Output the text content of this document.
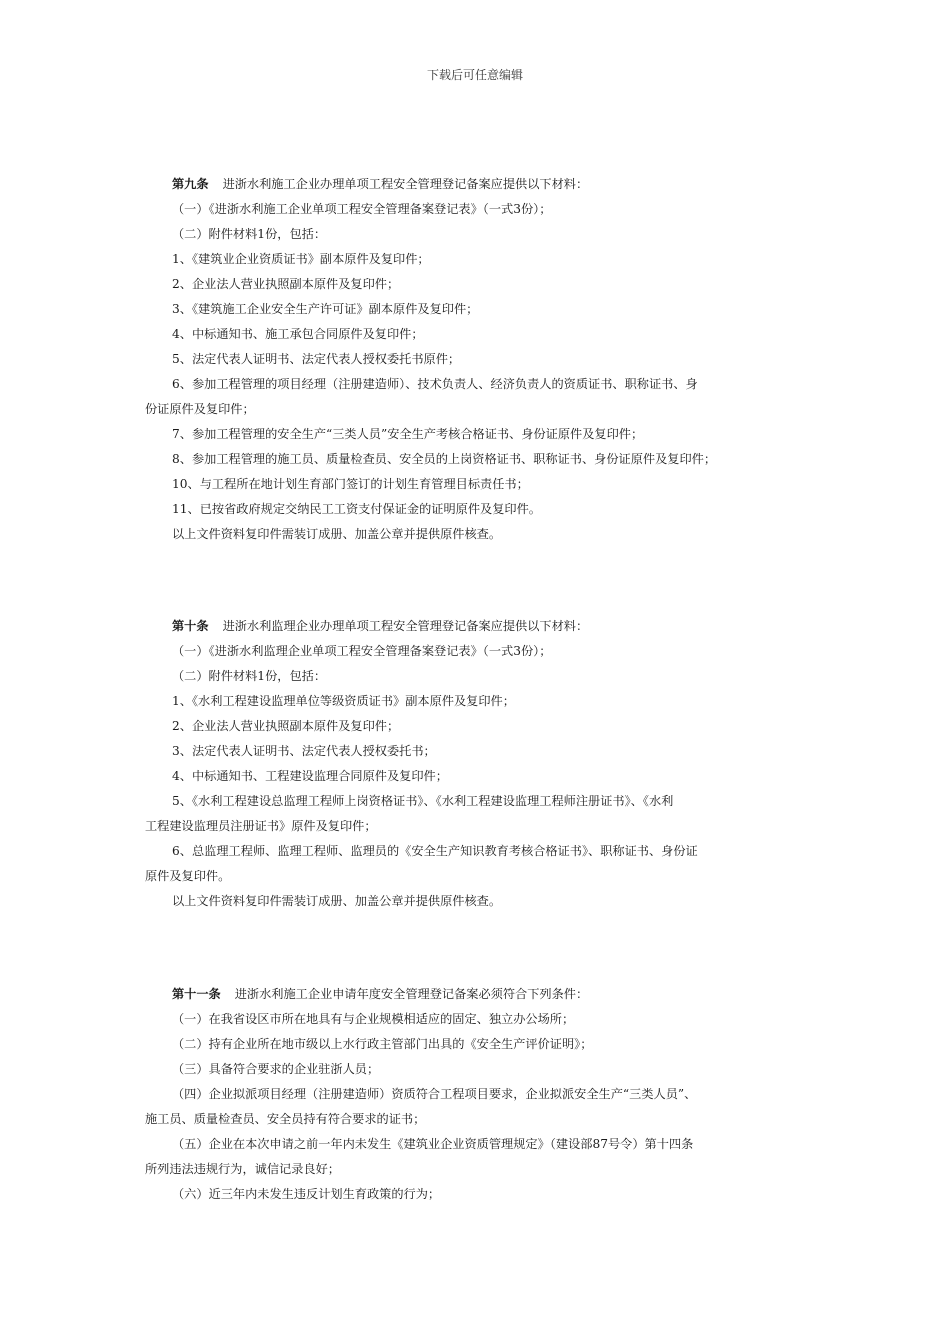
下载后可任意编辑
第九条 进浙水利施工企业办理单项工程安全管理登记备案应提供以下材料：
（一）《进浙水利施工企业单项工程安全管理备案登记表》（一式3份）；
（二）附件材料1份，包括：
1、《建筑业企业资质证书》副本原件及复印件；
2、企业法人营业执照副本原件及复印件；
3、《建筑施工企业安全生产许可证》副本原件及复印件；
4、中标通知书、施工承包合同原件及复印件；
5、法定代表人证明书、法定代表人授权委托书原件；
6、参加工程管理的项目经理（注册建造师）、技术负责人、经济负责人的资质证书、职称证书、身
份证原件及复印件；
7、参加工程管理的安全生产“三类人员”安全生产考核合格证书、身份证原件及复印件；
8、参加工程管理的施工员、质量检查员、安全员的上岗资格证书、职称证书、身份证原件及复印件；
10、与工程所在地计划生育部门签订的计划生育管理目标责任书；
11、已按省政府规定交纳民工工资支付保证金的证明原件及复印件。
以上文件资料复印件需装订成册、加盖公章并提供原件核查。
第十条 进浙水利监理企业办理单项工程安全管理登记备案应提供以下材料：
（一）《进浙水利监理企业单项工程安全管理备案登记表》（一式3份）；
（二）附件材料1份，包括：
1、《水利工程建设监理单位等级资质证书》副本原件及复印件；
2、企业法人营业执照副本原件及复印件；
3、法定代表人证明书、法定代表人授权委托书；
4、中标通知书、工程建设监理合同原件及复印件；
5、《水利工程建设总监理工程师上岗资格证书》、《水利工程建设监理工程师注册证书》、《水利
工程建设监理员注册证书》原件及复印件；
6、总监理工程师、监理工程师、监理员的《安全生产知识教育考核合格证书》、职称证书、身份证
原件及复印件。
以上文件资料复印件需装订成册、加盖公章并提供原件核查。
第十一条 进浙水利施工企业申请年度安全管理登记备案必须符合下列条件：
（一）在我省设区市所在地具有与企业规模相适应的固定、独立办公场所；
（二）持有企业所在地市级以上水行政主管部门出具的《安全生产评价证明》；
（三）具备符合要求的企业驻浙人员；
（四）企业拟派项目经理（注册建造师）资质符合工程项目要求，企业拟派安全生产“三类人员”、
施工员、质量检查员、安全员持有符合要求的证书；
（五）企业在本次申请之前一年内未发生《建筑业企业资质管理规定》（建设部87号令）第十四条
所列违法违规行为，诚信记录良好；
（六）近三年内未发生违反计划生育政策的行为；
